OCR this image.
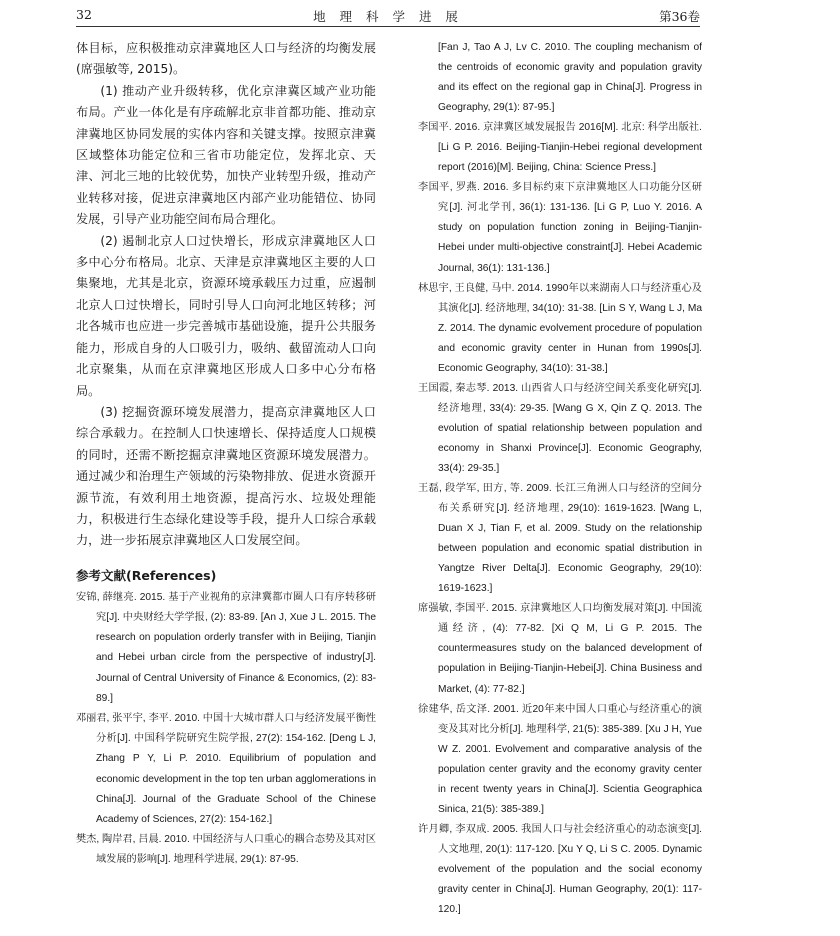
32	地 理 科 学 进 展	第36卷

体目标，应积极推动京津冀地区人口与经济的均衡发展(席强敏等, 2015)。

(1) 推动产业升级转移，优化京津冀区域产业功能布局。产业一体化是有序疏解北京非首都功能、推动京津冀地区协同发展的实体内容和关键支撑。按照京津冀区域整体功能定位和三省市功能定位，发挥北京、天津、河北三地的比较优势，加快产业转型升级，推动产业转移对接，促进京津冀地区内部产业功能错位、协同发展，引导产业功能空间布局合理化。

(2) 遏制北京人口过快增长，形成京津冀地区人口多中心分布格局。北京、天津是京津冀地区主要的人口集聚地，尤其是北京，资源环境承载压力过重，应遏制北京人口过快增长，同时引导人口向河北地区转移；河北各城市也应进一步完善城市基础设施，提升公共服务能力，形成自身的人口吸引力，吸纳、截留流动人口向北京聚集，从而在京津冀地区形成人口多中心分布格局。

(3) 挖掘资源环境发展潜力，提高京津冀地区人口综合承载力。在控制人口快速增长、保持适度人口规模的同时，还需不断挖掘京津冀地区资源环境发展潜力。通过减少和治理生产领域的污染物排放、促进水资源开源节流，有效利用土地资源，提高污水、垃圾处理能力，积极进行生态绿化建设等手段，提升人口综合承载力，进一步拓展京津冀地区人口发展空间。

参考文献(References)

安锦, 薛继亮. 2015. 基于产业视角的京津冀都市圈人口有序转移研究[J]. 中央财经大学学报, (2): 83-89. [An J, Xue J L. 2015. The research on population orderly transfer with in Beijing, Tianjin and Hebei urban circle from the perspective of industry[J]. Journal of Central University of Finance & Economics, (2): 83-89.]

邓丽君, 张平宇, 李平. 2010. 中国十大城市群人口与经济发展平衡性分析[J]. 中国科学院研究生院学报, 27(2): 154-162. [Deng L J, Zhang P Y, Li P. 2010. Equilibrium of population and economic development in the top ten urban agglomerations in China[J]. Journal of the Graduate School of the Chinese Academy of Sciences, 27(2): 154-162.]

樊杰, 陶岸君, 吕晨. 2010. 中国经济与人口重心的耦合态势及其对区域发展的影响[J]. 地理科学进展, 29(1): 87-95.

[Fan J, Tao A J, Lv C. 2010. The coupling mechanism of the centroids of economic gravity and population gravity and its effect on the regional gap in China[J]. Progress in Geography, 29(1): 87-95.]

李国平. 2016. 京津冀区域发展报告 2016[M]. 北京: 科学出版社. [Li G P. 2016. Beijing-Tianjin-Hebei regional development report (2016)[M]. Beijing, China: Science Press.]

李国平, 罗燕. 2016. 多目标约束下京津冀地区人口功能分区研究[J]. 河北学刊, 36(1): 131-136. [Li G P, Luo Y. 2016. A study on population function zoning in Beijing-Tianjin-Hebei under multi-objective constraint[J]. Hebei Academic Journal, 36(1): 131-136.]

林思宇, 王良健, 马中. 2014. 1990年以来湖南人口与经济重心及其演化[J]. 经济地理, 34(10): 31-38. [Lin S Y, Wang L J, Ma Z. 2014. The dynamic evolvement procedure of population and economic gravity center in Hunan from 1990s[J]. Economic Geography, 34(10): 31-38.]

王国霞, 秦志琴. 2013. 山西省人口与经济空间关系变化研究[J]. 经济地理, 33(4): 29-35. [Wang G X, Qin Z Q. 2013. The evolution of spatial relationship between population and economy in Shanxi Province[J]. Economic Geography, 33(4): 29-35.]

王磊, 段学军, 田方, 等. 2009. 长江三角洲人口与经济的空间分布关系研究[J]. 经济地理, 29(10): 1619-1623. [Wang L, Duan X J, Tian F, et al. 2009. Study on the relationship between population and economic spatial distribution in Yangtze River Delta[J]. Economic Geography, 29(10): 1619-1623.]

席强敏, 李国平. 2015. 京津冀地区人口均衡发展对策[J]. 中国流通经济, (4): 77-82. [Xi Q M, Li G P. 2015. The countermeasures study on the balanced development of population in Beijing-Tianjin-Hebei[J]. China Business and Market, (4): 77-82.]

徐建华, 岳文泽. 2001. 近20年来中国人口重心与经济重心的演变及其对比分析[J]. 地理科学, 21(5): 385-389. [Xu J H, Yue W Z. 2001. Evolvement and comparative analysis of the population center gravity and the economy gravity center in recent twenty years in China[J]. Scientia Geographica Sinica, 21(5): 385-389.]

许月卿, 李双成. 2005. 我国人口与社会经济重心的动态演变[J]. 人文地理, 20(1): 117-120. [Xu Y Q, Li S C. 2005. Dynamic evolvement of the population and the social economy gravity center in China[J]. Human Geography, 20(1): 117-120.]
